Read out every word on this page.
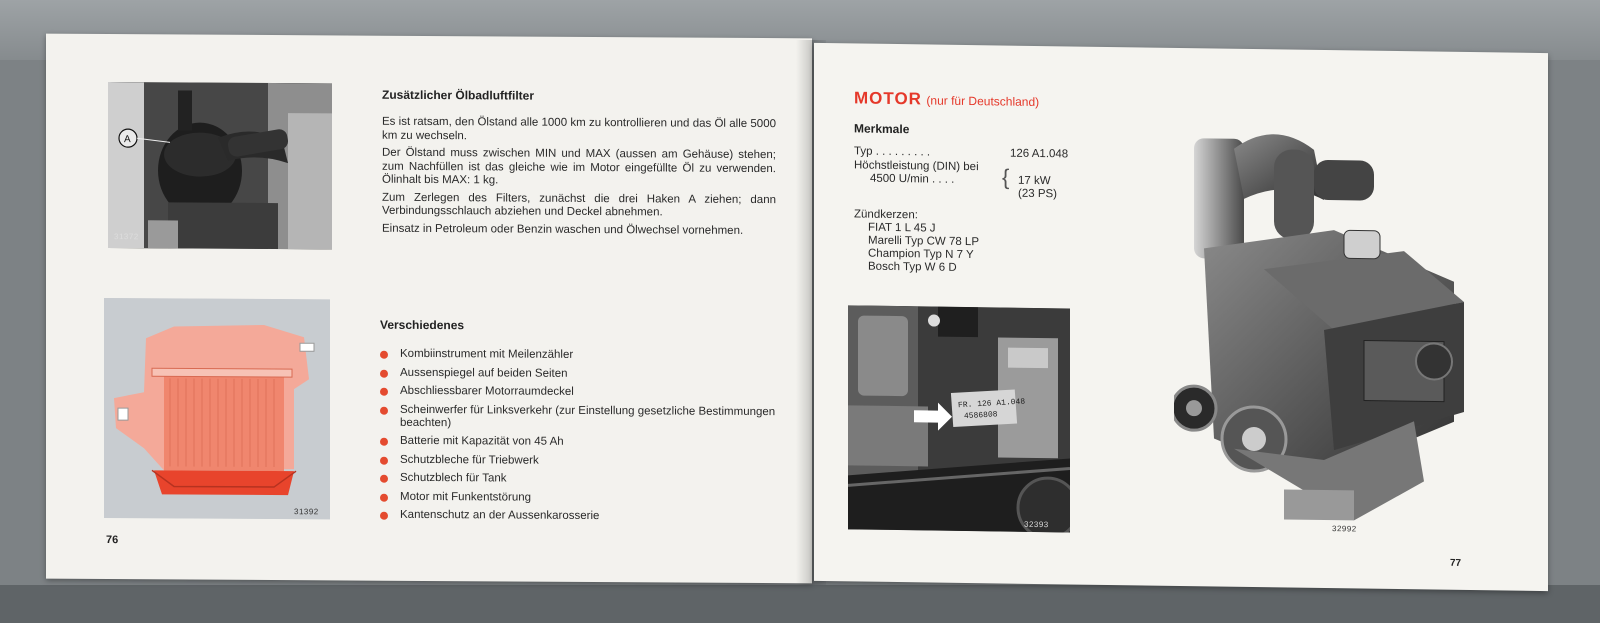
A
31372
Zusätzlicher Ölbadluftfilter

Es ist ratsam, den Ölstand alle 1000 km zu kontrollieren und das Öl alle 5000 km zu wechseln.

Der Ölstand muss zwischen MIN und MAX (aussen am Gehäuse) stehen; zum Nachfüllen ist das gleiche wie im Motor eingefüllte Öl zu verwenden. Ölinhalt bis MAX: 1 kg.

Zum Zerlegen des Filters, zunächst die drei Haken A ziehen; dann Verbindungsschlauch abziehen und Deckel abnehmen.

Einsatz in Petroleum oder Benzin waschen und Ölwechsel vornehmen.

31392
Verschiedenes
Kombiinstrument mit Meilenzähler
Aussenspiegel auf beiden Seiten
Abschliessbarer Motorraumdeckel
Scheinwerfer für Linksverkehr (zur Einstellung gesetzliche Bestimmungen beachten)
Batterie mit Kapazität von 45 Ah
Schutzbleche für Triebwerk
Schutzblech für Tank
Motor mit Funkentstörung
Kantenschutz an der Aussenkarosserie
76
MOTOR (nur für Deutschland)
Merkmale
Typ . . . . . . . . .	126 A1.048
Höchstleistung (DIN) bei
4500 U/min . . . . { 17 kW
(23 PS)
Zündkerzen:
FIAT 1 L 45 J
Marelli Typ CW 78 LP
Champion Typ N 7 Y
Bosch Typ W 6 D
FR. 126 A1.048
4586808
32393	32992
77
